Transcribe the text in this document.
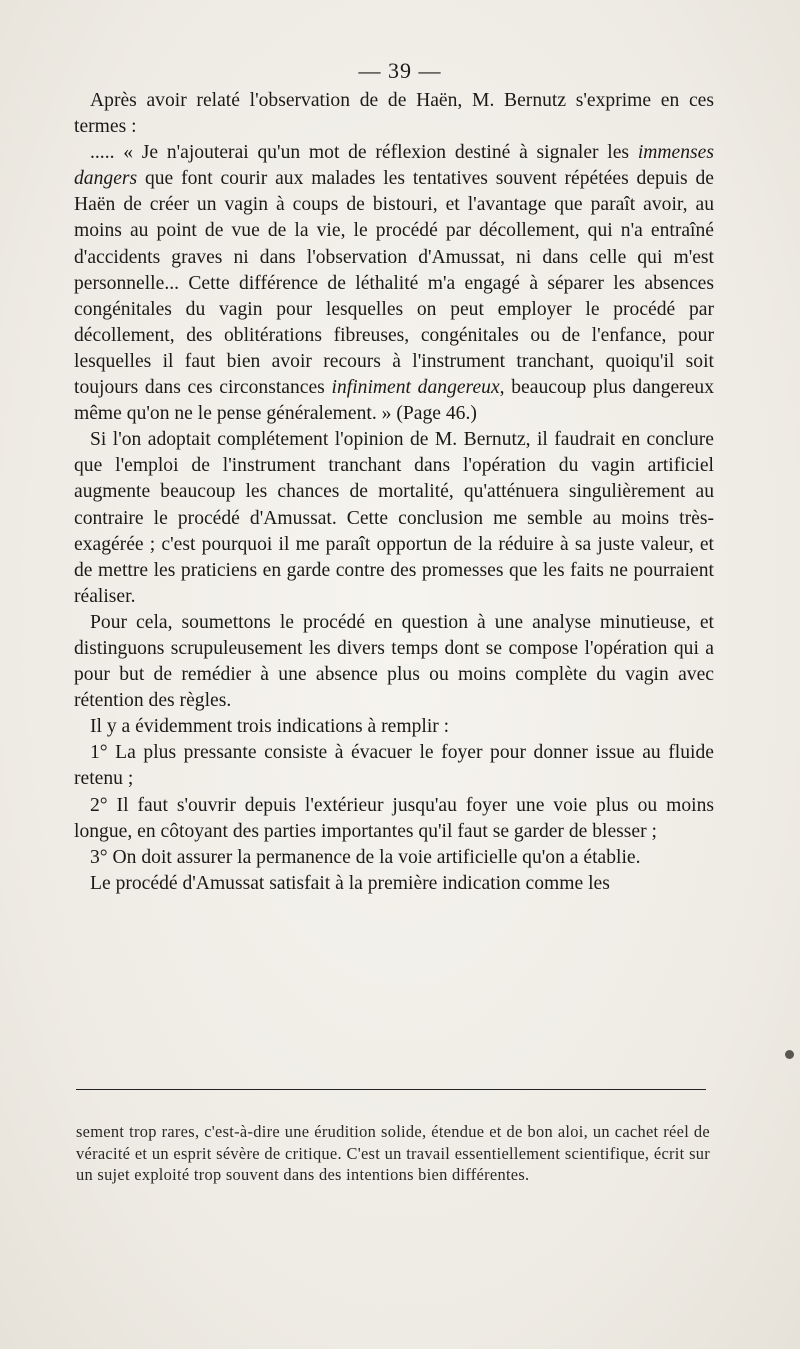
— 39 —

Après avoir relaté l'observation de de Haën, M. Bernutz s'exprime en ces termes :

..... « Je n'ajouterai qu'un mot de réflexion destiné à signaler les immenses dangers que font courir aux malades les tentatives souvent répétées depuis de Haën de créer un vagin à coups de bistouri, et l'avantage que paraît avoir, au moins au point de vue de la vie, le procédé par décollement, qui n'a entraîné d'accidents graves ni dans l'observation d'Amussat, ni dans celle qui m'est personnelle... Cette différence de léthalité m'a engagé à séparer les absences congénitales du vagin pour lesquelles on peut employer le procédé par décollement, des oblitérations fibreuses, congénitales ou de l'enfance, pour lesquelles il faut bien avoir recours à l'instrument tranchant, quoiqu'il soit toujours dans ces circonstances infiniment dangereux, beaucoup plus dangereux même qu'on ne le pense généralement. » (Page 46.)

Si l'on adoptait complétement l'opinion de M. Bernutz, il faudrait en conclure que l'emploi de l'instrument tranchant dans l'opération du vagin artificiel augmente beaucoup les chances de mortalité, qu'atténuera singulièrement au contraire le procédé d'Amussat. Cette conclusion me semble au moins très-exagérée ; c'est pourquoi il me paraît opportun de la réduire à sa juste valeur, et de mettre les praticiens en garde contre des promesses que les faits ne pourraient réaliser.

Pour cela, soumettons le procédé en question à une analyse minutieuse, et distinguons scrupuleusement les divers temps dont se compose l'opération qui a pour but de remédier à une absence plus ou moins complète du vagin avec rétention des règles.

Il y a évidemment trois indications à remplir :

1° La plus pressante consiste à évacuer le foyer pour donner issue au fluide retenu ;

2° Il faut s'ouvrir depuis l'extérieur jusqu'au foyer une voie plus ou moins longue, en côtoyant des parties importantes qu'il faut se garder de blesser ;

3° On doit assurer la permanence de la voie artificielle qu'on a établie.

Le procédé d'Amussat satisfait à la première indication comme les

sement trop rares, c'est-à-dire une érudition solide, étendue et de bon aloi, un cachet réel de véracité et un esprit sévère de critique. C'est un travail essentiellement scientifique, écrit sur un sujet exploité trop souvent dans des intentions bien différentes.
